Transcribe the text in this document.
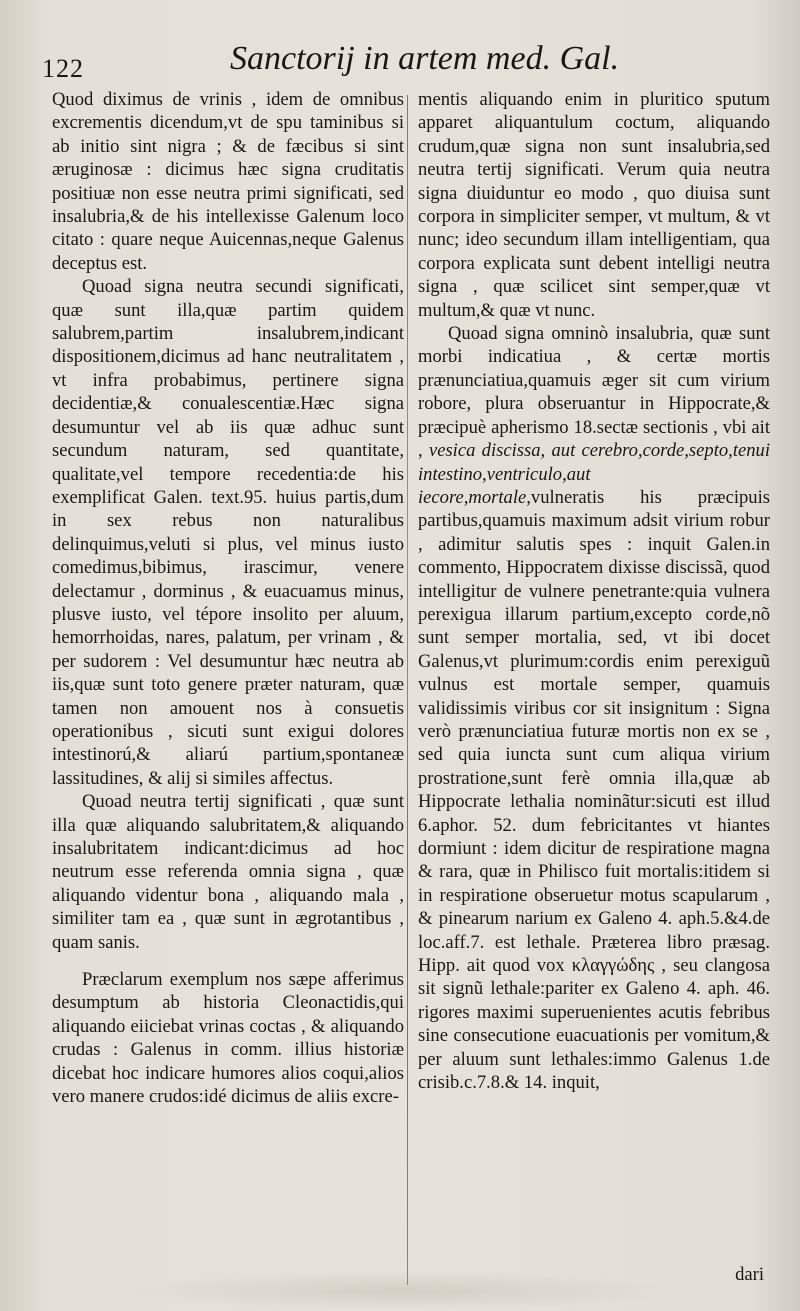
122	Sanctorij in artem med. Gal.

Quod diximus de vrinis , idem de omnibus excrementis dicendum,vt de spu taminibus si ab initio sint nigra ; & de fæcibus si sint æruginosæ : dicimus hæc signa cruditatis positiuæ non esse neutra primi significati, sed insalubria,& de his intellexisse Galenum loco citato : quare neque Auicennas,neque Galenus deceptus est.

Quoad signa neutra secundi significati, quæ sunt illa,quæ partim quidem salubrem,partim insalubrem,indicant dispositionem,dicimus ad hanc neutralitatem , vt infra probabimus, pertinere signa decidentiæ,& conualescentiæ.Hæc signa desumuntur vel ab iis quæ adhuc sunt secundum naturam, sed quantitate, qualitate,vel tempore recedentia:de his exemplificat Galen. text.95. huius partis,dum in sex rebus non naturalibus delinquimus,veluti si plus, vel minus iusto comedimus,bibimus, irascimur, venere delectamur , dorminus , & euacuamus minus, plusve iusto, vel tépore insolito per aluum, hemorrhoidas, nares, palatum, per vrinam , & per sudorem : Vel desumuntur hæc neutra ab iis,quæ sunt toto genere præter naturam, quæ tamen non amouent nos à consuetis operationibus , sicuti sunt exigui dolores intestinorú,& aliarú partium,spontaneæ lassitudines, & alij si similes affectus.

Quoad neutra tertij significati , quæ sunt illa quæ aliquando salubritatem,& aliquando insalubritatem indicant:dicimus ad hoc neutrum esse referenda omnia signa , quæ aliquando videntur bona , aliquando mala , similiter tam ea , quæ sunt in ægrotantibus , quam sanis.

Præclarum exemplum nos sæpe afferimus desumptum ab historia Cleonactidis,qui aliquando eiiciebat vrinas coctas , & aliquando crudas : Galenus in comm. illius historiæ dicebat hoc indicare humores alios coqui,alios vero manere crudos:idé dicimus de aliis excre-

mentis aliquando enim in pluritico sputum apparet aliquantulum coctum, aliquando crudum,quæ signa non sunt insalubria,sed neutra tertij significati. Verum quia neutra signa diuiduntur eo modo , quo diuisa sunt corpora in simpliciter semper, vt multum, & vt nunc; ideo secundum illam intelligentiam, qua corpora explicata sunt debent intelligi neutra signa , quæ scilicet sint semper,quæ vt multum,& quæ vt nunc.

Quoad signa omninò insalubria, quæ sunt morbi indicatiua , & certæ mortis prænunciatiua,quamuis æger sit cum virium robore, plura obseruantur in Hippocrate,& præcipuè apherismo 18.sectæ sectionis , vbi ait , vesica discissa, aut cerebro,corde,septo,tenui intestino,ventriculo,aut iecore,mortale,vulneratis his præcipuis partibus,quamuis maximum adsit virium robur , adimitur salutis spes : inquit Galen.in commento, Hippocratem dixisse discissã, quod intelligitur de vulnere penetrante:quia vulnera perexigua illarum partium,excepto corde,nõ sunt semper mortalia, sed, vt ibi docet Galenus,vt plurimum:cordis enim perexiguũ vulnus est mortale semper, quamuis validissimis viribus cor sit insignitum : Signa verò prænunciatiua futuræ mortis non ex se , sed quia iuncta sunt cum aliqua virium prostratione,sunt ferè omnia illa,quæ ab Hippocrate lethalia nominãtur:sicuti est illud 6.aphor. 52. dum febricitantes vt hiantes dormiunt : idem dicitur de respiratione magna & rara, quæ in Philisco fuit mortalis:itidem si in respiratione obseruetur motus scapularum , & pinearum narium ex Galeno 4. aph.5.&4.de loc.aff.7. est lethale. Præterea libro præsag. Hipp. ait quod vox κλαγγώδης , seu clangosa sit signũ lethale:pariter ex Galeno 4. aph. 46. rigores maximi superuenientes acutis febribus sine consecutione euacuationis per vomitum,& per aluum sunt lethales:immo Galenus 1.de crisib.c.7.8.& 14. inquit,

dari
